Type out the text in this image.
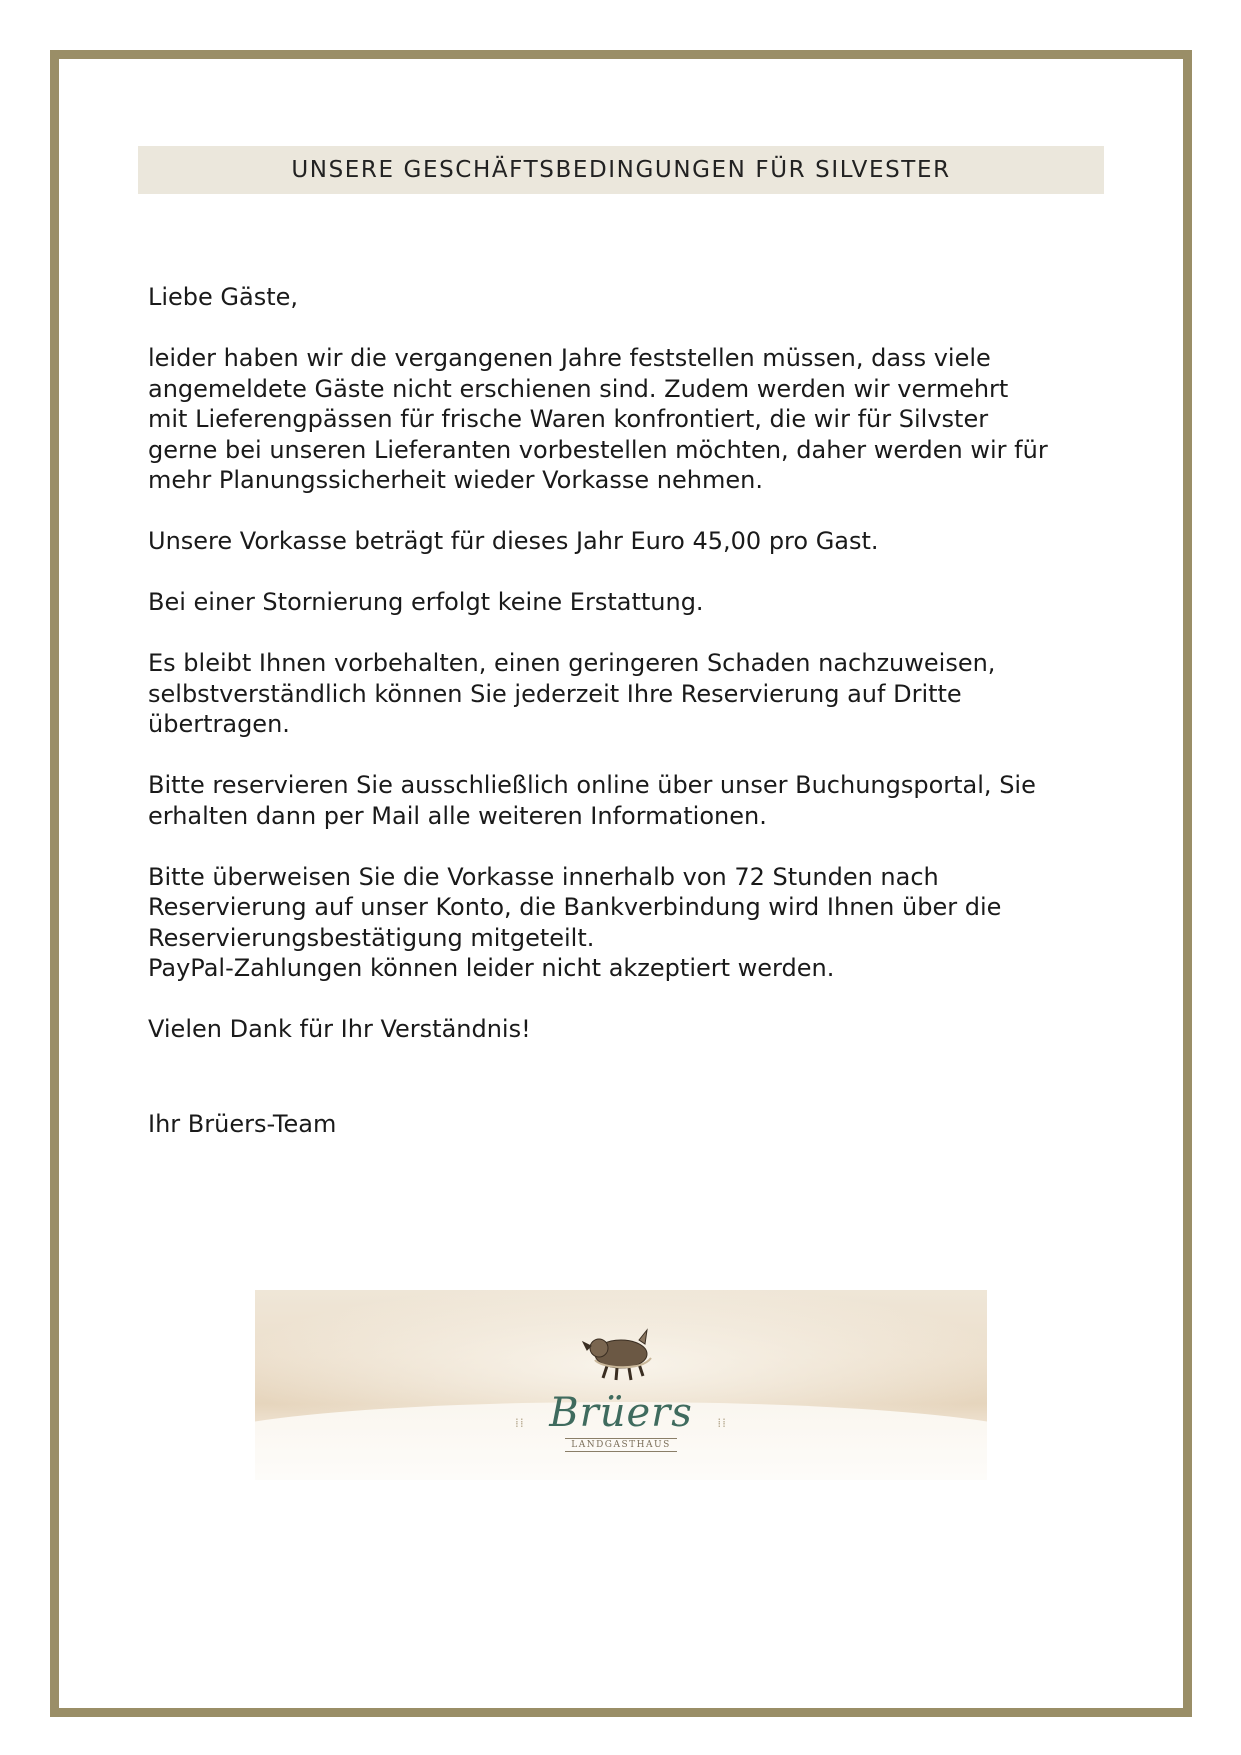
UNSERE GESCHÄFTSBEDINGUNGEN FÜR SILVESTER

Liebe Gäste,

leider haben wir die vergangenen Jahre feststellen müssen, dass viele

angemeldete Gäste nicht erschienen sind. Zudem werden wir vermehrt

mit Lieferengpässen für frische Waren konfrontiert, die wir für Silvster

gerne bei unseren Lieferanten vorbestellen möchten, daher werden wir für

mehr Planungssicherheit wieder Vorkasse nehmen.

Unsere Vorkasse beträgt für dieses Jahr Euro 45,00 pro Gast.

Bei einer Stornierung erfolgt keine Erstattung.

Es bleibt Ihnen vorbehalten, einen geringeren Schaden nachzuweisen,

selbstverständlich können Sie jederzeit Ihre Reservierung auf Dritte

übertragen.

Bitte reservieren Sie ausschließlich online über unser Buchungsportal, Sie

erhalten dann per Mail alle weiteren Informationen.

Bitte überweisen Sie die Vorkasse innerhalb von 72 Stunden nach

Reservierung auf unser Konto, die Bankverbindung wird Ihnen über die

Reservierungsbestätigung mitgeteilt.

PayPal-Zahlungen können leider nicht akzeptiert werden.

Vielen Dank für Ihr Verständnis!

Ihr Brüers-Team
⁞⁞	⁞⁞
Brüers
LANDGASTHAUS
